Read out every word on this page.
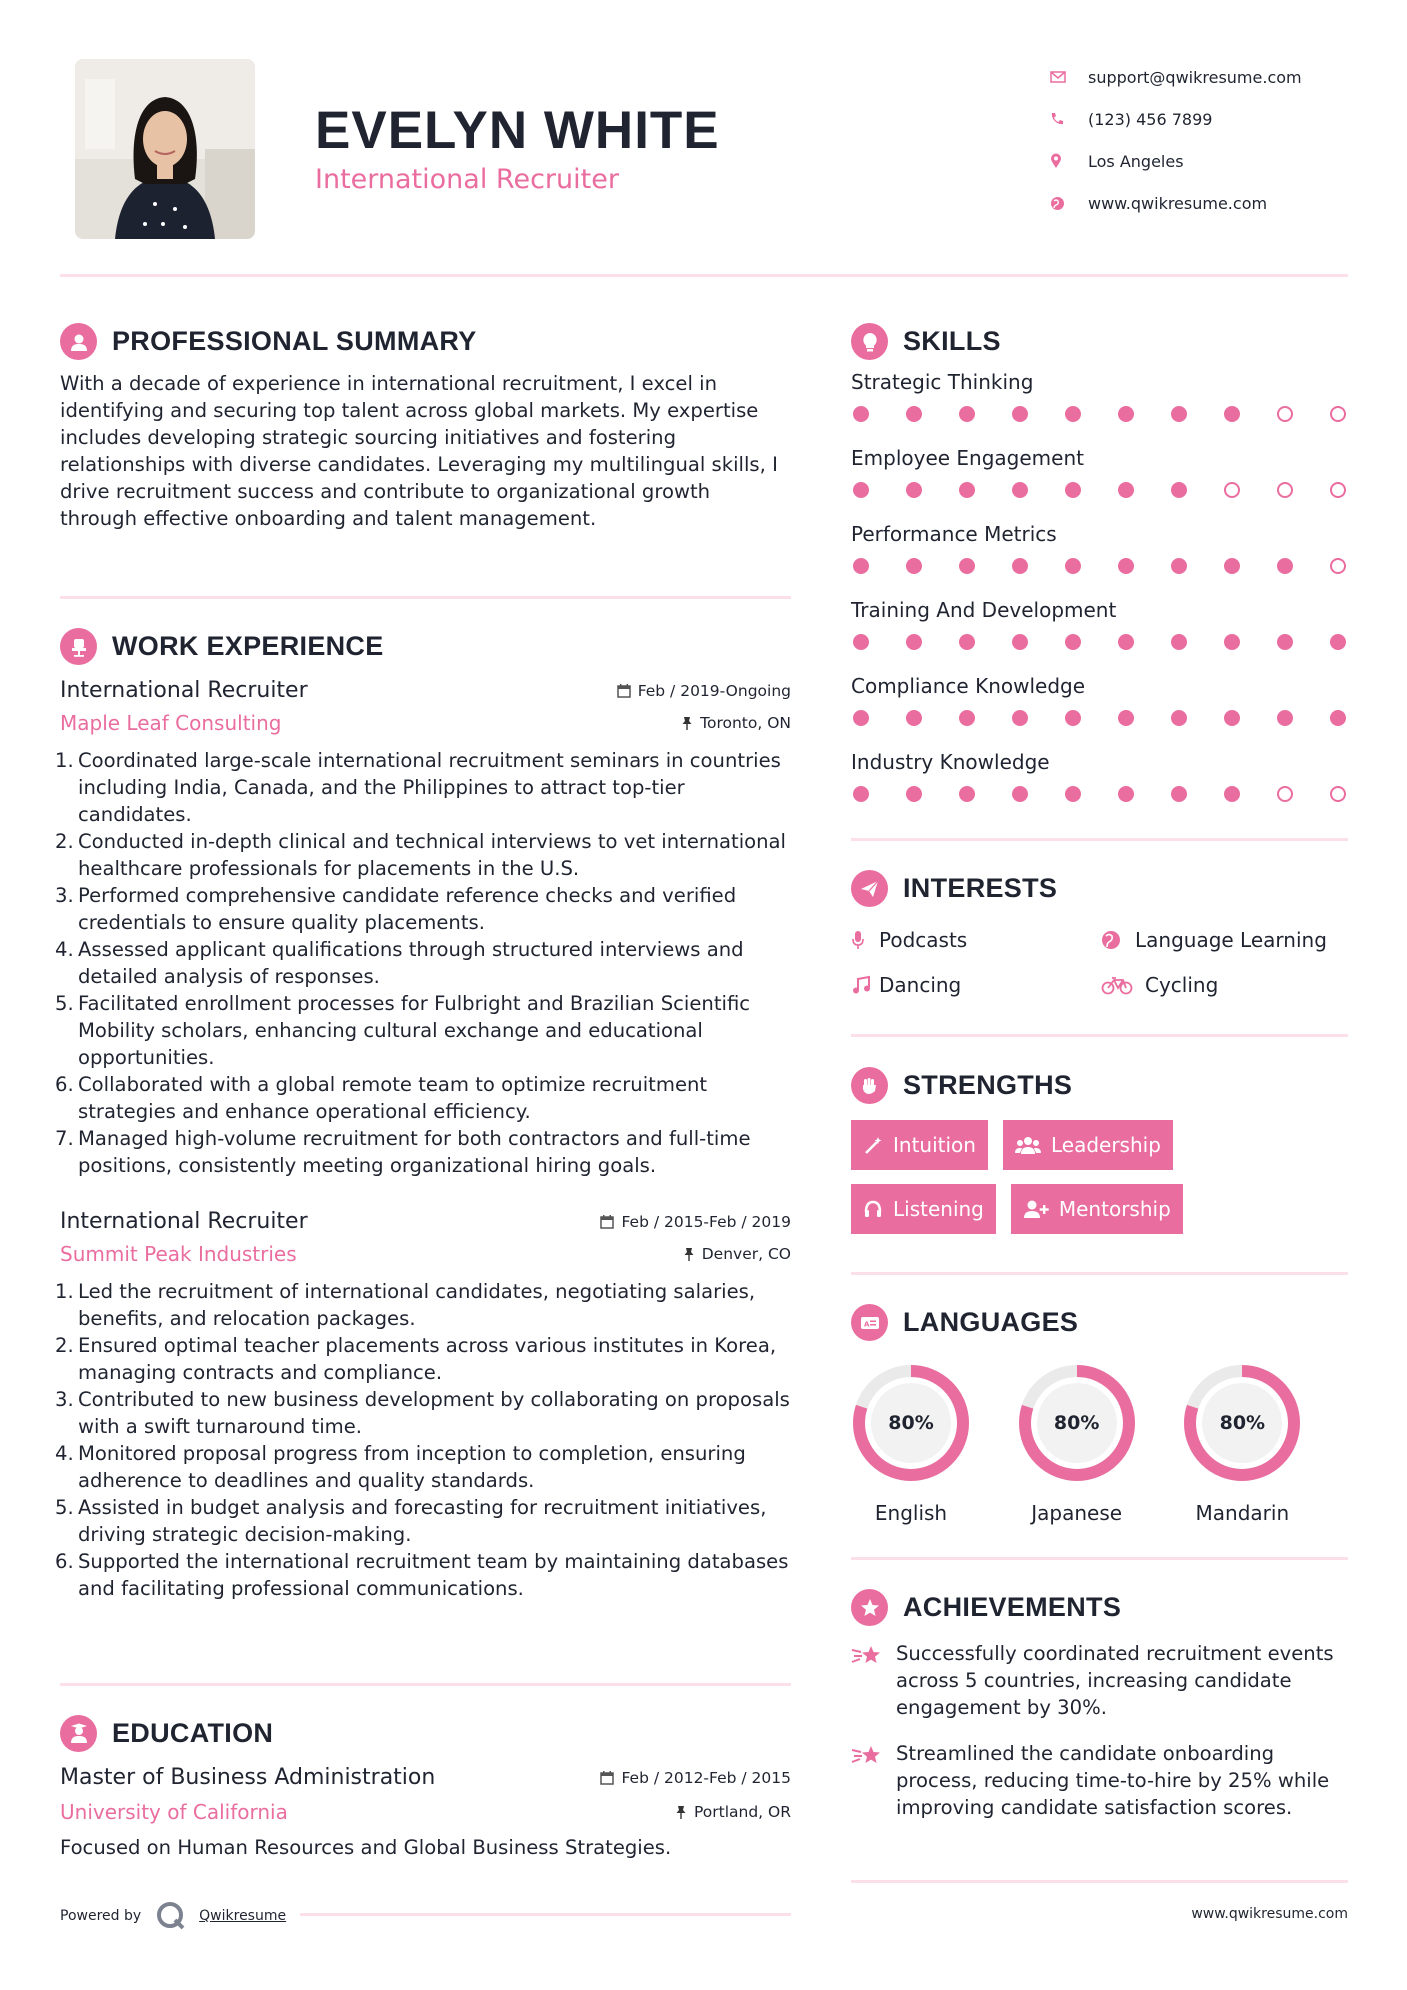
EVELYN WHITE
International Recruiter
support@qwikresume.com
(123) 456 7899
Los Angeles
www.qwikresume.com
PROFESSIONAL SUMMARY

With a decade of experience in international recruitment, I excel in identifying and securing top talent across global markets. My expertise includes developing strategic sourcing initiatives and fostering relationships with diverse candidates. Leveraging my multilingual skills, I drive recruitment success and contribute to organizational growth through effective onboarding and talent management.

WORK EXPERIENCE
International Recruiter	Feb / 2019-Ongoing
Maple Leaf Consulting	Toronto, ON
Coordinated large-scale international recruitment seminars in countries including India, Canada, and the Philippines to attract top-tier candidates.
Conducted in-depth clinical and technical interviews to vet international healthcare professionals for placements in the U.S.
Performed comprehensive candidate reference checks and verified credentials to ensure quality placements.
Assessed applicant qualifications through structured interviews and detailed analysis of responses.
Facilitated enrollment processes for Fulbright and Brazilian Scientific Mobility scholars, enhancing cultural exchange and educational opportunities.
Collaborated with a global remote team to optimize recruitment strategies and enhance operational efficiency.
Managed high-volume recruitment for both contractors and full-time positions, consistently meeting organizational hiring goals.
International Recruiter	Feb / 2015-Feb / 2019
Summit Peak Industries	Denver, CO
Led the recruitment of international candidates, negotiating salaries, benefits, and relocation packages.
Ensured optimal teacher placements across various institutes in Korea, managing contracts and compliance.
Contributed to new business development by collaborating on proposals with a swift turnaround time.
Monitored proposal progress from inception to completion, ensuring adherence to deadlines and quality standards.
Assisted in budget analysis and forecasting for recruitment initiatives, driving strategic decision-making.
Supported the international recruitment team by maintaining databases and facilitating professional communications.
EDUCATION
Master of Business Administration	Feb / 2012-Feb / 2015
University of California	Portland, OR

Focused on Human Resources and Global Business Strategies.

Powered by	Qwikresume
SKILLS
Strategic Thinking
Employee Engagement
Performance Metrics
Training And Development
Compliance Knowledge
Industry Knowledge
INTERESTS
Podcasts	Language Learning
Dancing	Cycling
STRENGTHS
Intuition	Leadership
Listening	Mentorship
A LANGUAGES
80%
English
80%
Japanese
80%
Mandarin
ACHIEVEMENTS
Successfully coordinated recruitment events across 5 countries, increasing candidate engagement by 30%.
Streamlined the candidate onboarding process, reducing time-to-hire by 25% while improving candidate satisfaction scores.
www.qwikresume.com
